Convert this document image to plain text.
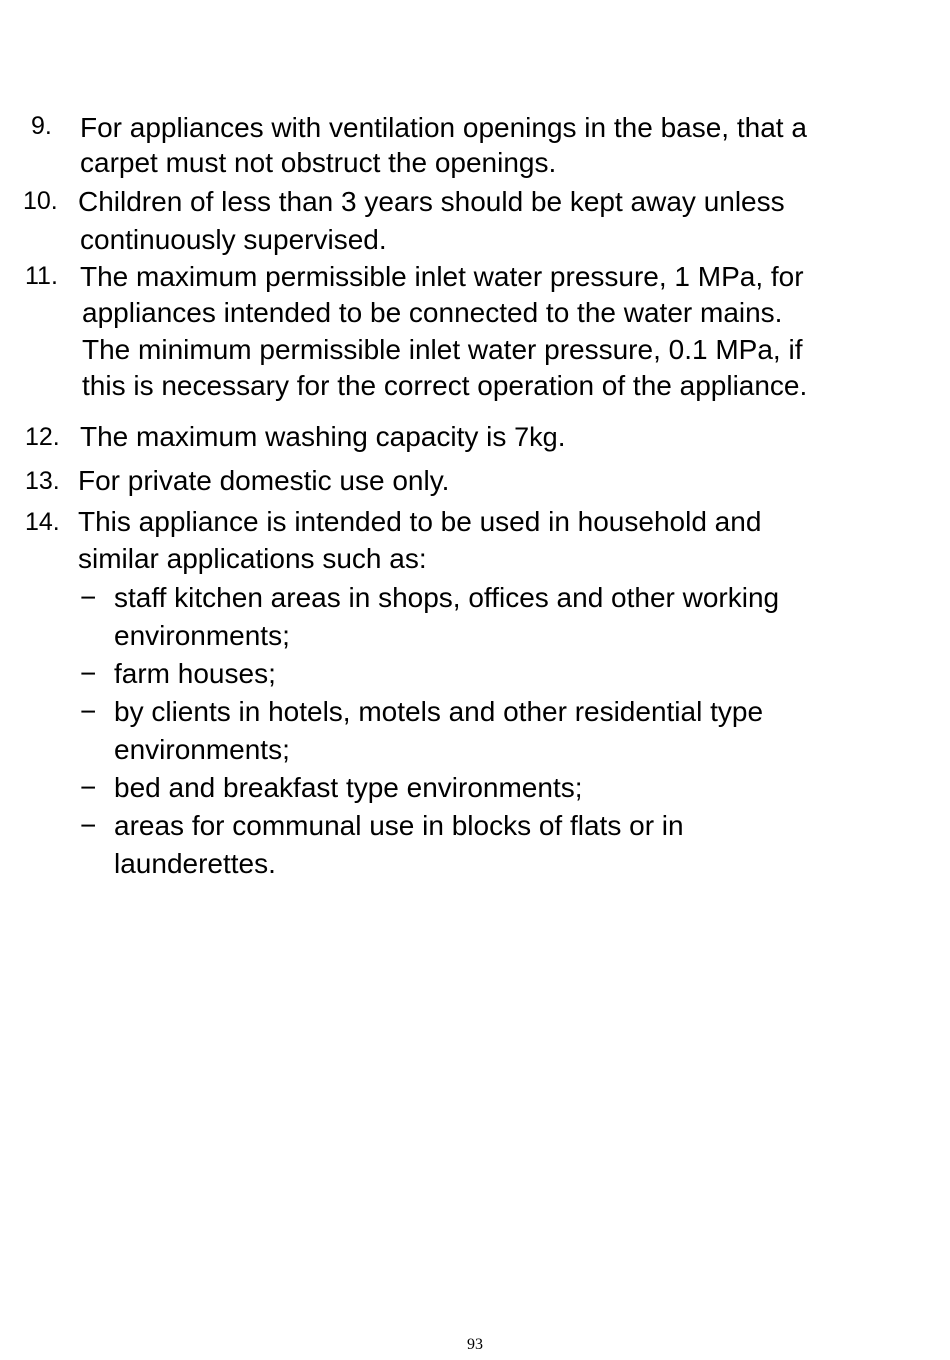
9. For appliances with ventilation openings in the base, that a
carpet must not obstruct the openings.
10. Children of less than 3 years should be kept away unless
continuously supervised.
11. The maximum permissible inlet water pressure, 1 MPa, for
appliances intended to be connected to the water mains.
The minimum permissible inlet water pressure, 0.1 MPa, if
this is necessary for the correct operation of the appliance.
12. The maximum washing capacity is 7kg.
13. For private domestic use only.
14. This appliance is intended to be used in household and
similar applications such as:
− staff kitchen areas in shops, offices and other working
environments;
− farm houses;
− by clients in hotels, motels and other residential type
environments;
− bed and breakfast type environments;
− areas for communal use in blocks of flats or in
launderettes.
93
